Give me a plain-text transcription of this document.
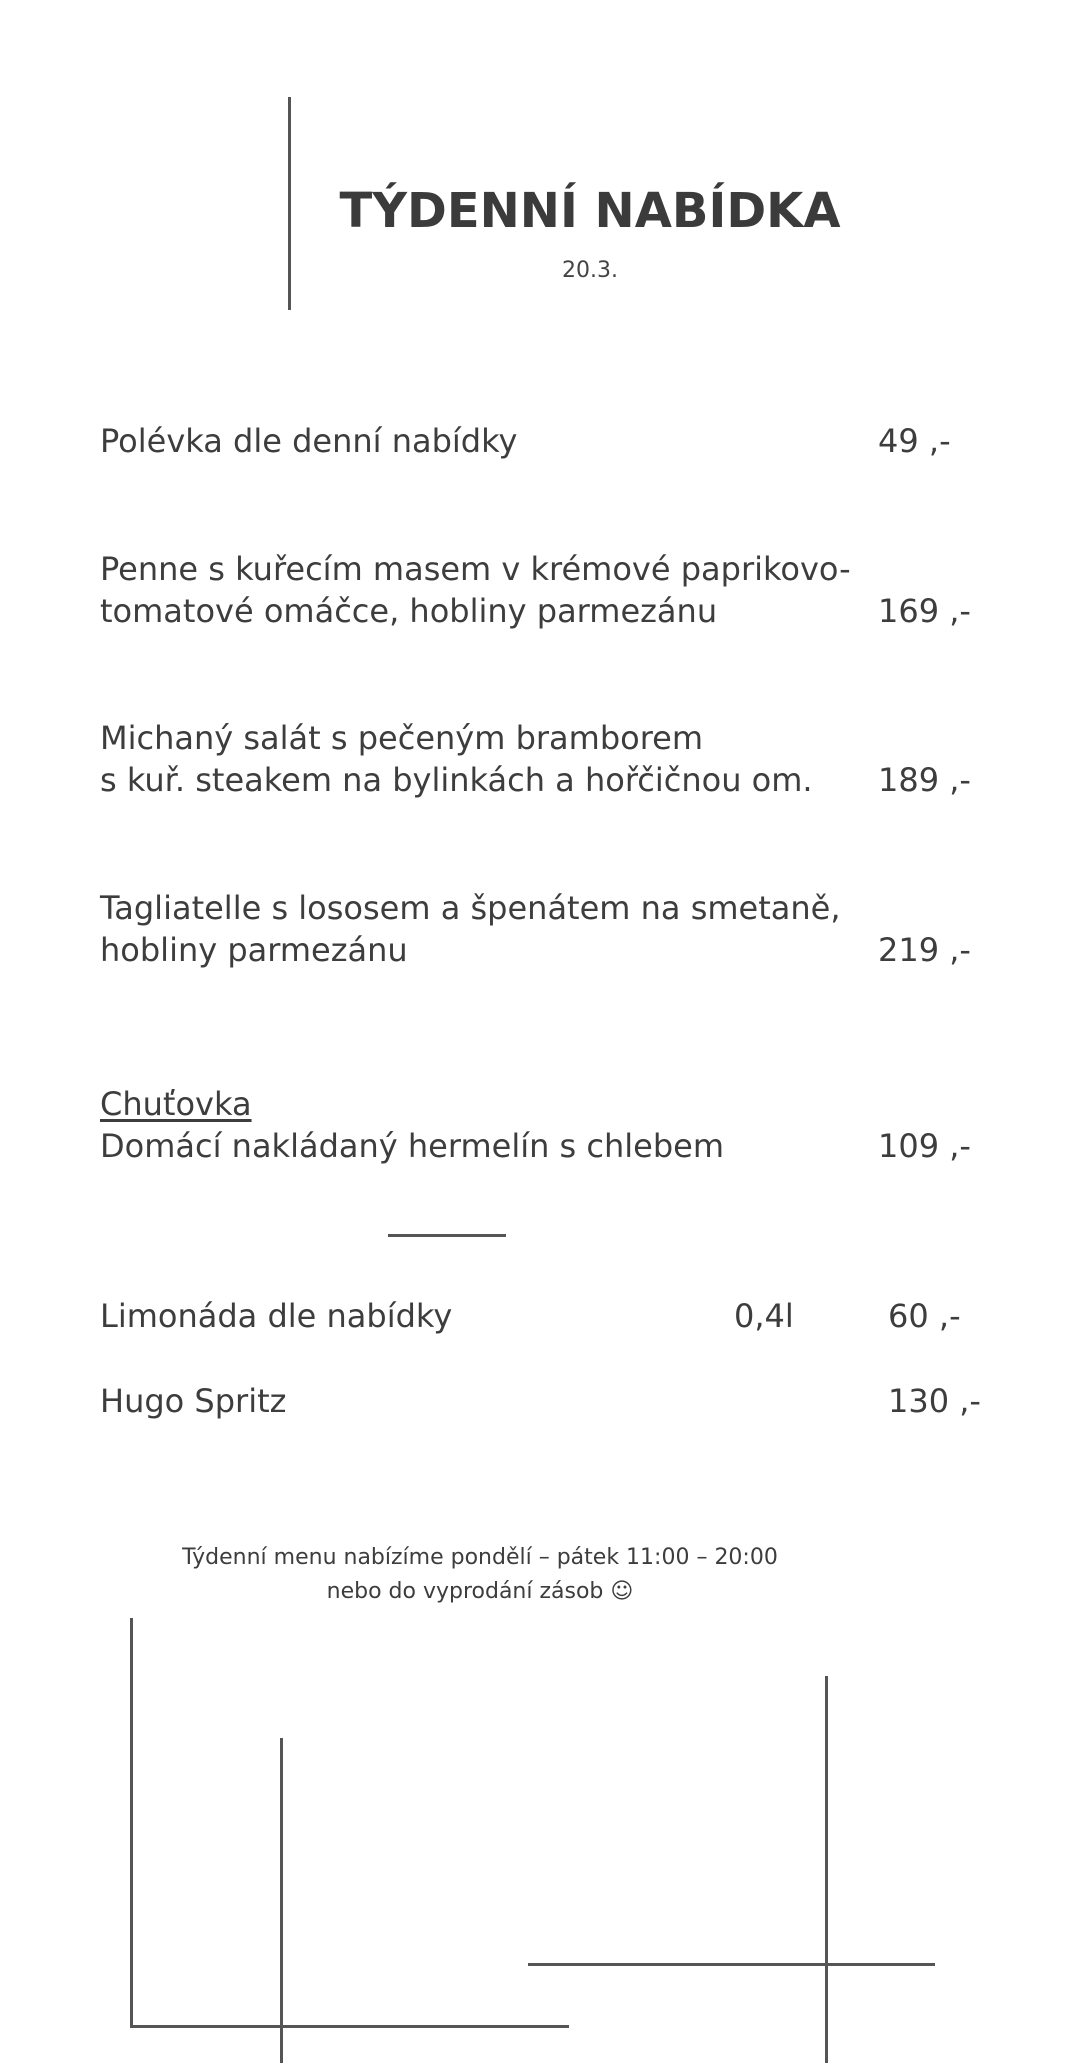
TÝDENNÍ NABÍDKA
20.3.
Polévka dle denní nabídky	49 ,-
Penne s kuřecím masem v krémové paprikovo-
tomatové omáčce, hobliny parmezánu	169 ,-
Michaný salát s pečeným bramborem
s kuř. steakem na bylinkách a hořčičnou om. 189 ,-
Tagliatelle s lososem a špenátem na smetaně,
hobliny parmezánu	219 ,-
Chuťovka
Domácí nakládaný hermelín s chlebem	109 ,-
Limonáda dle nabídky	0,4l	60 ,-
Hugo Spritz	130 ,-
Týdenní menu nabízíme pondělí – pátek 11:00 – 20:00
nebo do vyprodání zásob ☺
